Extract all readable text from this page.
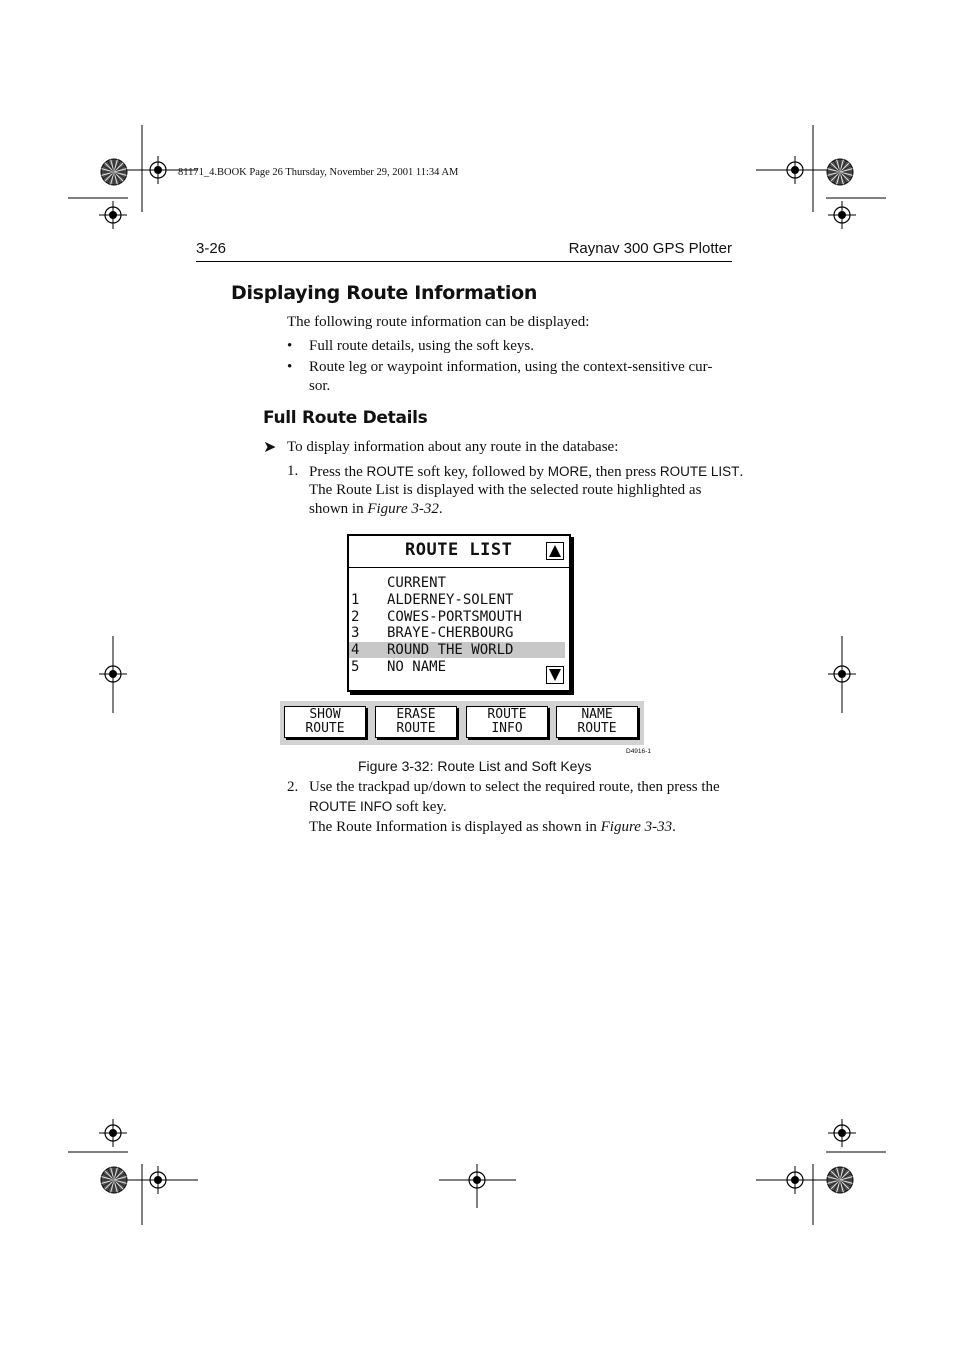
81171_4.BOOK Page 26 Thursday, November 29, 2001 11:34 AM
3-26	Raynav 300 GPS Plotter
Displaying Route Information
The following route information can be displayed:
• Full route details, using the soft keys.
• Route leg or waypoint information, using the context-sensitive cur-
sor.
Full Route Details
➤ To display information about any route in the database:
1. Press the ROUTE soft key, followed by MORE, then press ROUTE LIST.
The Route List is displayed with the selected route highlighted as
shown in Figure 3-32.
ROUTE LIST
CURRENT
1 ALDERNEY-SOLENT
2 COWES-PORTSMOUTH
3 BRAYE-CHERBOURG
4 ROUND THE WORLD
5 NO NAME
SHOW
ROUTE
ERASE
ROUTE
ROUTE
INFO
NAME
ROUTE
D4916-1
Figure 3-32: Route List and Soft Keys
2. Use the trackpad up/down to select the required route, then press the
ROUTE INFO soft key.
The Route Information is displayed as shown in Figure 3-33.
